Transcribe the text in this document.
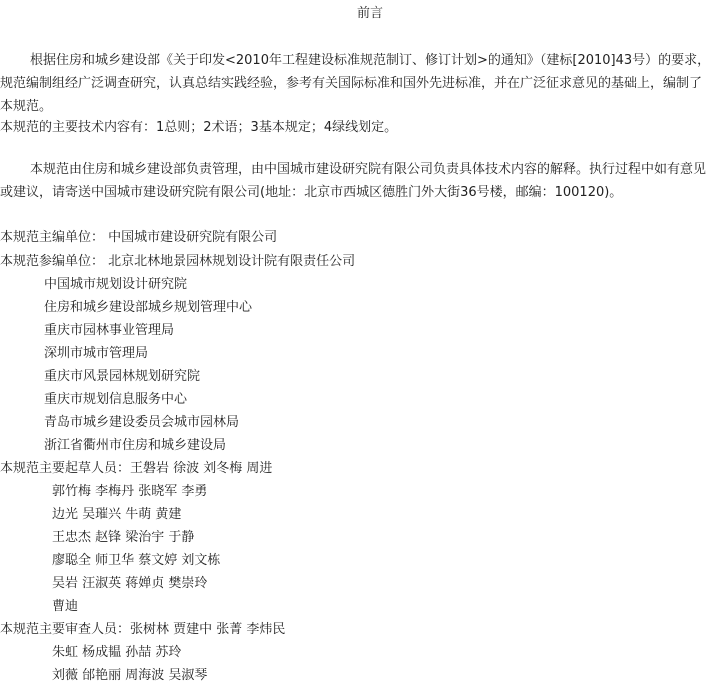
前言

根据住房和城乡建设部《关于印发<2010年工程建设标准规范制订、修订计划>的通知》（建标[2010]43号）的要求，规范编制组经广泛调查研究，认真总结实践经验，参考有关国际标准和国外先进标准，并在广泛征求意见的基础上，编制了本规范。

本规范的主要技术内容有：1总则；2术语；3基本规定；4绿线划定。

本规范由住房和城乡建设部负责管理，由中国城市建设研究院有限公司负责具体技术内容的解释。执行过程中如有意见或建议，请寄送中国城市建设研究院有限公司(地址：北京市西城区德胜门外大街36号楼，邮编：100120)。

本规范主编单位： 中国城市建设研究院有限公司
本规范参编单位： 北京北林地景园林规划设计院有限责任公司
中国城市规划设计研究院
住房和城乡建设部城乡规划管理中心
重庆市园林事业管理局
深圳市城市管理局
重庆市风景园林规划研究院
重庆市规划信息服务中心
青岛市城乡建设委员会城市园林局
浙江省衢州市住房和城乡建设局
本规范主要起草人员：王磐岩 徐波 刘冬梅 周进
郭竹梅 李梅丹 张晓军 李勇
边光 吴璀兴 牛萌 黄建
王忠杰 赵锋 梁治宇 于静
廖聪全 师卫华 蔡文婷 刘文栋
吴岩 汪淑英 蒋婵贞 樊崇玲
曹迪
本规范主要审查人员：张树林 贾建中 张菁 李炜民
朱虹 杨成韫 孙喆 苏玲
刘薇 邰艳丽 周海波 吴淑琴
